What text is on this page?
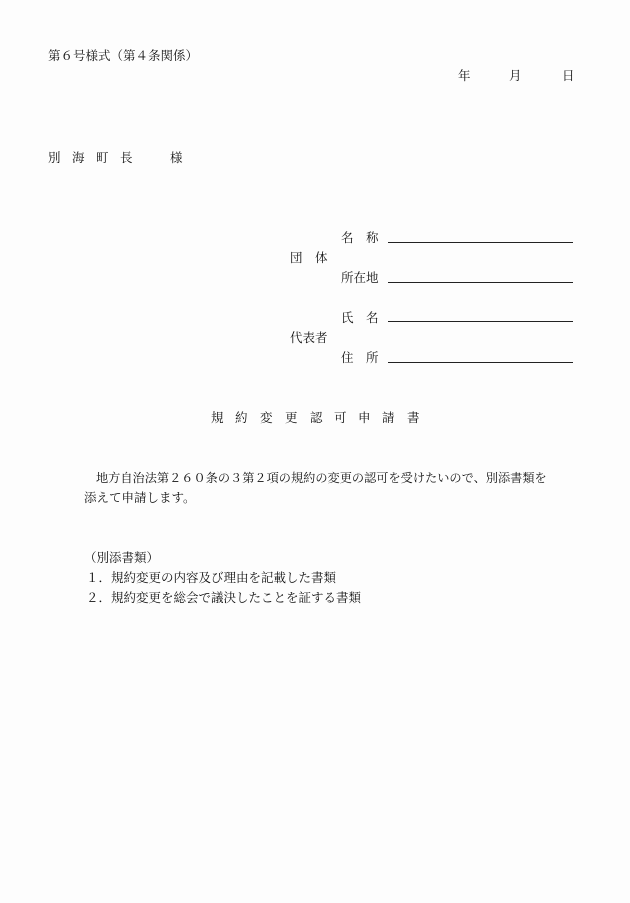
第６号様式（第４条関係）
年	月	日
別 海 町 長	様
名　称
団　体
所在地
氏　名
代表者
住　所
規 約 変 更 認 可 申 請 書
地方自治法第２６０条の３第２項の規約の変更の認可を受けたいので、別添書類を
添えて申請します。
（別添書類）
１．規約変更の内容及び理由を記載した書類
２．規約変更を総会で議決したことを証する書類
